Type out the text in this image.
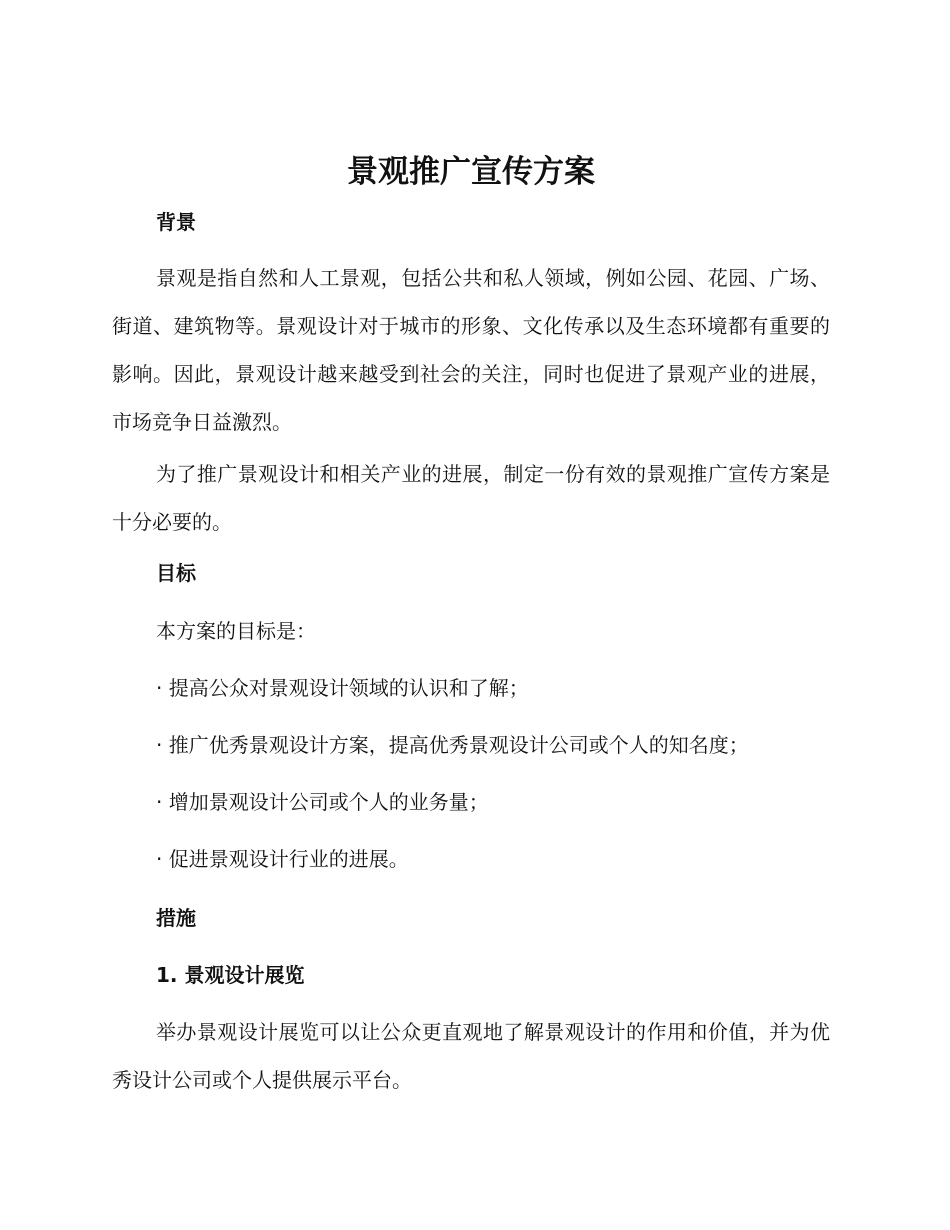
景观推广宣传方案
背景

景观是指自然和人工景观，包括公共和私人领域，例如公园、花园、广场、街道、建筑物等。景观设计对于城市的形象、文化传承以及生态环境都有重要的影响。因此，景观设计越来越受到社会的关注，同时也促进了景观产业的进展，市场竞争日益激烈。

为了推广景观设计和相关产业的进展，制定一份有效的景观推广宣传方案是十分必要的。

目标

本方案的目标是：

· 提高公众对景观设计领域的认识和了解；

· 推广优秀景观设计方案，提高优秀景观设计公司或个人的知名度；

· 增加景观设计公司或个人的业务量；

· 促进景观设计行业的进展。

措施
1. 景观设计展览

举办景观设计展览可以让公众更直观地了解景观设计的作用和价值，并为优秀设计公司或个人提供展示平台。
